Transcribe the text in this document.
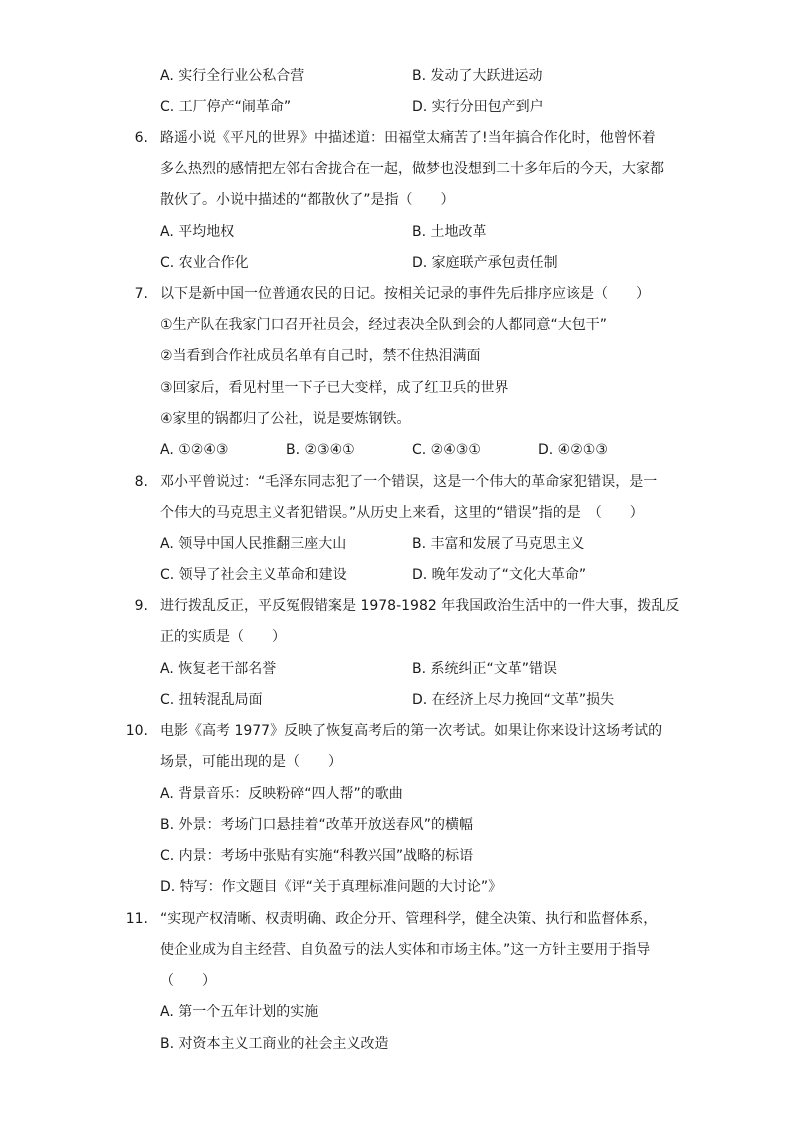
A. 实行全行业公私合营	B. 发动了大跃进运动
C. 工厂停产“闹革命”	D. 实行分田包产到户
6. 路遥小说《平凡的世界》中描述道：田福堂太痛苦了!当年搞合作化时，他曾怀着
多么热烈的感情把左邻右舍拢合在一起，做梦也没想到二十多年后的今天，大家都
散伙了。小说中描述的“都散伙了”是指（　　）
A. 平均地权	B. 土地改革
C. 农业合作化	D. 家庭联产承包责任制
7. 以下是新中国一位普通农民的日记。按相关记录的事件先后排序应该是（　　）
①生产队在我家门口召开社员会，经过表决全队到会的人都同意“大包干”
②当看到合作社成员名单有自己时，禁不住热泪满面
③回家后，看见村里一下子已大变样，成了红卫兵的世界
④家里的锅都归了公社，说是要炼钢铁。
A. ①②④③	B. ②③④①	C. ②④③①	D. ④②①③
8. 邓小平曾说过：“毛泽东同志犯了一个错误，这是一个伟大的革命家犯错误，是一
个伟大的马克思主义者犯错误。”从历史上来看，这里的“错误”指的是　（　　）
A. 领导中国人民推翻三座大山	B. 丰富和发展了马克思主义
C. 领导了社会主义革命和建设	D. 晚年发动了“文化大革命”
9. 进行拨乱反正，平反冤假错案是 1978-1982 年我国政治生活中的一件大事，拨乱反
正的实质是（　　）
A. 恢复老干部名誉	B. 系统纠正“文革”错误
C. 扭转混乱局面	D. 在经济上尽力挽回“文革”损失
10. 电影《高考 1977》反映了恢复高考后的第一次考试。如果让你来设计这场考试的
场景，可能出现的是（　　）
A. 背景音乐：反映粉碎“四人帮”的歌曲
B. 外景：考场门口悬挂着“改革开放送春风”的横幅
C. 内景：考场中张贴有实施“科教兴国”战略的标语
D. 特写：作文题目《评“关于真理标准问题的大讨论”》
11. “实现产权清晰、权责明确、政企分开、管理科学，健全决策、执行和监督体系，
使企业成为自主经营、自负盈亏的法人实体和市场主体。”这一方针主要用于指导
（　　）
A. 第一个五年计划的实施
B. 对资本主义工商业的社会主义改造
